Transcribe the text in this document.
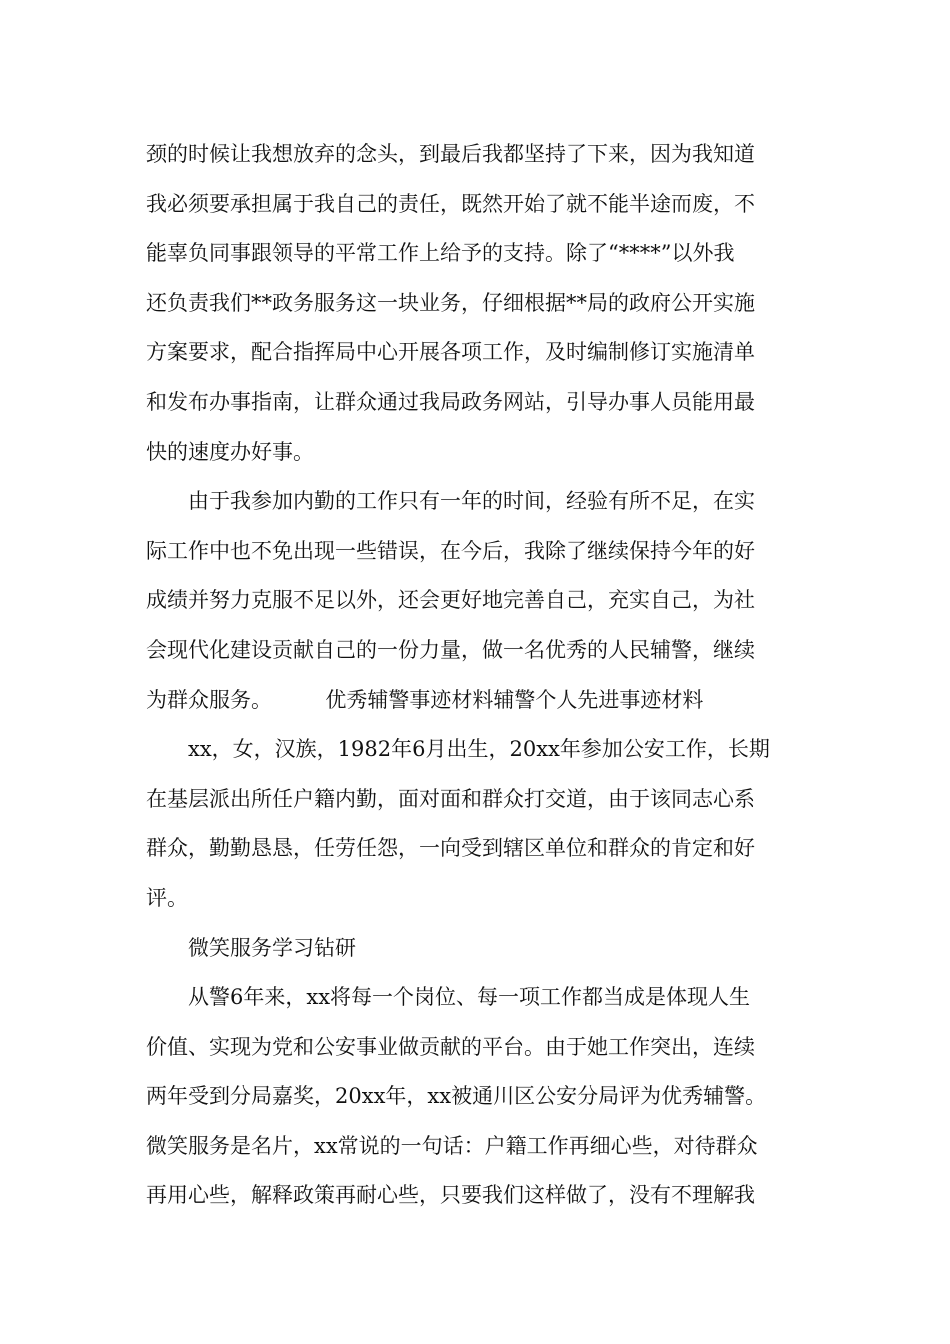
颈的时候让我想放弃的念头，到最后我都坚持了下来，因为我知道
我必须要承担属于我自己的责任，既然开始了就不能半途而废，不
能辜负同事跟领导的平常工作上给予的支持。除了“****”以外我
还负责我们**政务服务这一块业务，仔细根据**局的政府公开实施
方案要求，配合指挥局中心开展各项工作，及时编制修订实施清单
和发布办事指南，让群众通过我局政务网站，引导办事人员能用最
快的速度办好事。
由于我参加内勤的工作只有一年的时间，经验有所不足，在实
际工作中也不免出现一些错误，在今后，我除了继续保持今年的好
成绩并努力克服不足以外，还会更好地完善自己，充实自己，为社
会现代化建设贡献自己的一份力量，做一名优秀的人民辅警，继续
为群众服务。        优秀辅警事迹材料辅警个人先进事迹材料
xx，女，汉族，1982年6月出生，20xx年参加公安工作，长期
在基层派出所任户籍内勤，面对面和群众打交道，由于该同志心系
群众，勤勤恳恳，任劳任怨，一向受到辖区单位和群众的肯定和好
评。
微笑服务学习钻研
从警6年来，xx将每一个岗位、每一项工作都当成是体现人生
价值、实现为党和公安事业做贡献的平台。由于她工作突出，连续
两年受到分局嘉奖，20xx年，xx被通川区公安分局评为优秀辅警。
微笑服务是名片，xx常说的一句话：户籍工作再细心些，对待群众
再用心些，解释政策再耐心些，只要我们这样做了，没有不理解我
